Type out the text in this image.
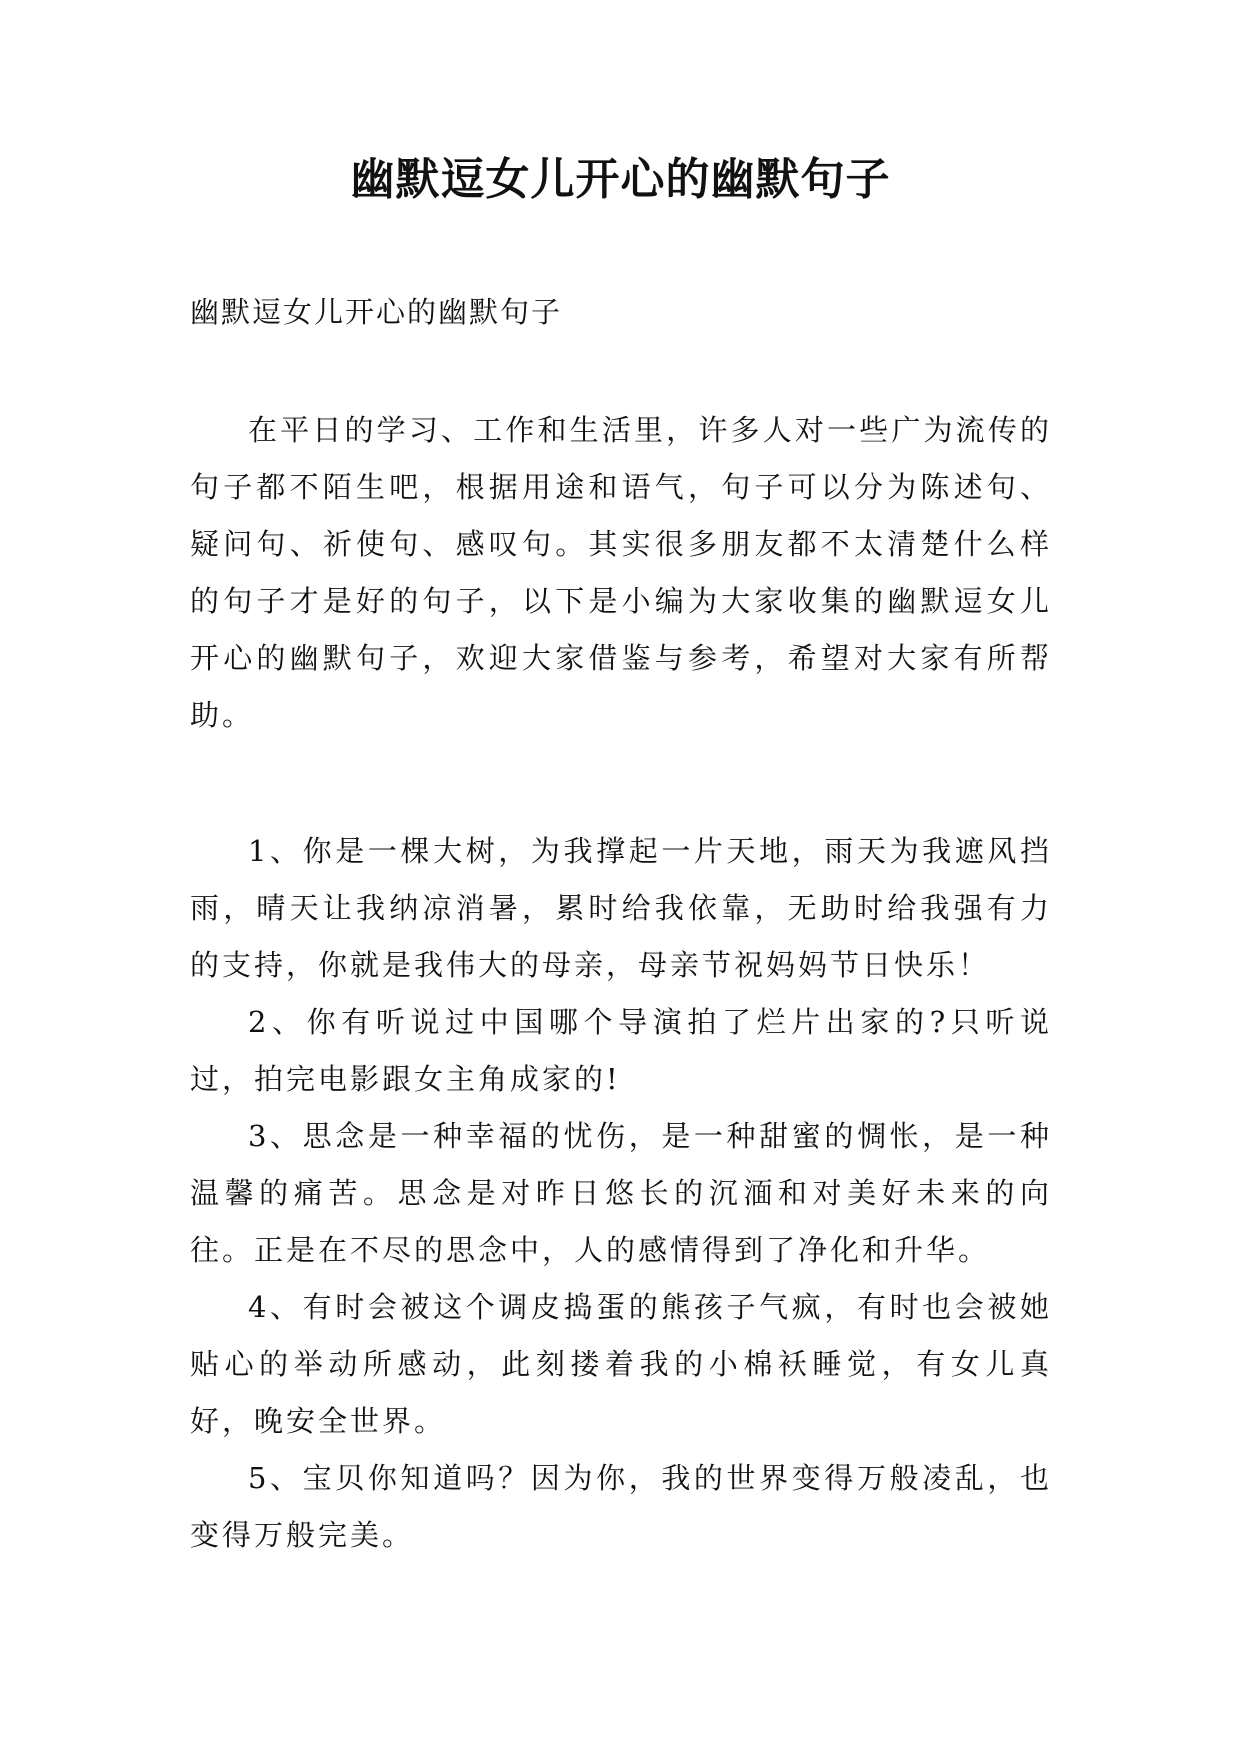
幽默逗女儿开心的幽默句子
幽默逗女儿开心的幽默句子

在平日的学习、工作和生活里，许多人对一些广为流传的句子都不陌生吧，根据用途和语气，句子可以分为陈述句、疑问句、祈使句、感叹句。其实很多朋友都不太清楚什么样的句子才是好的句子，以下是小编为大家收集的幽默逗女儿开心的幽默句子，欢迎大家借鉴与参考，希望对大家有所帮助。

1、你是一棵大树，为我撑起一片天地，雨天为我遮风挡雨，晴天让我纳凉消暑，累时给我依靠，无助时给我强有力的支持，你就是我伟大的母亲，母亲节祝妈妈节日快乐！

2、你有听说过中国哪个导演拍了烂片出家的?只听说过，拍完电影跟女主角成家的!

3、思念是一种幸福的忧伤，是一种甜蜜的惆怅，是一种温馨的痛苦。思念是对昨日悠长的沉湎和对美好未来的向往。正是在不尽的思念中，人的感情得到了净化和升华。

4、有时会被这个调皮捣蛋的熊孩子气疯，有时也会被她贴心的举动所感动，此刻搂着我的小棉袄睡觉，有女儿真好，晚安全世界。

5、宝贝你知道吗？因为你，我的世界变得万般凌乱，也变得万般完美。
